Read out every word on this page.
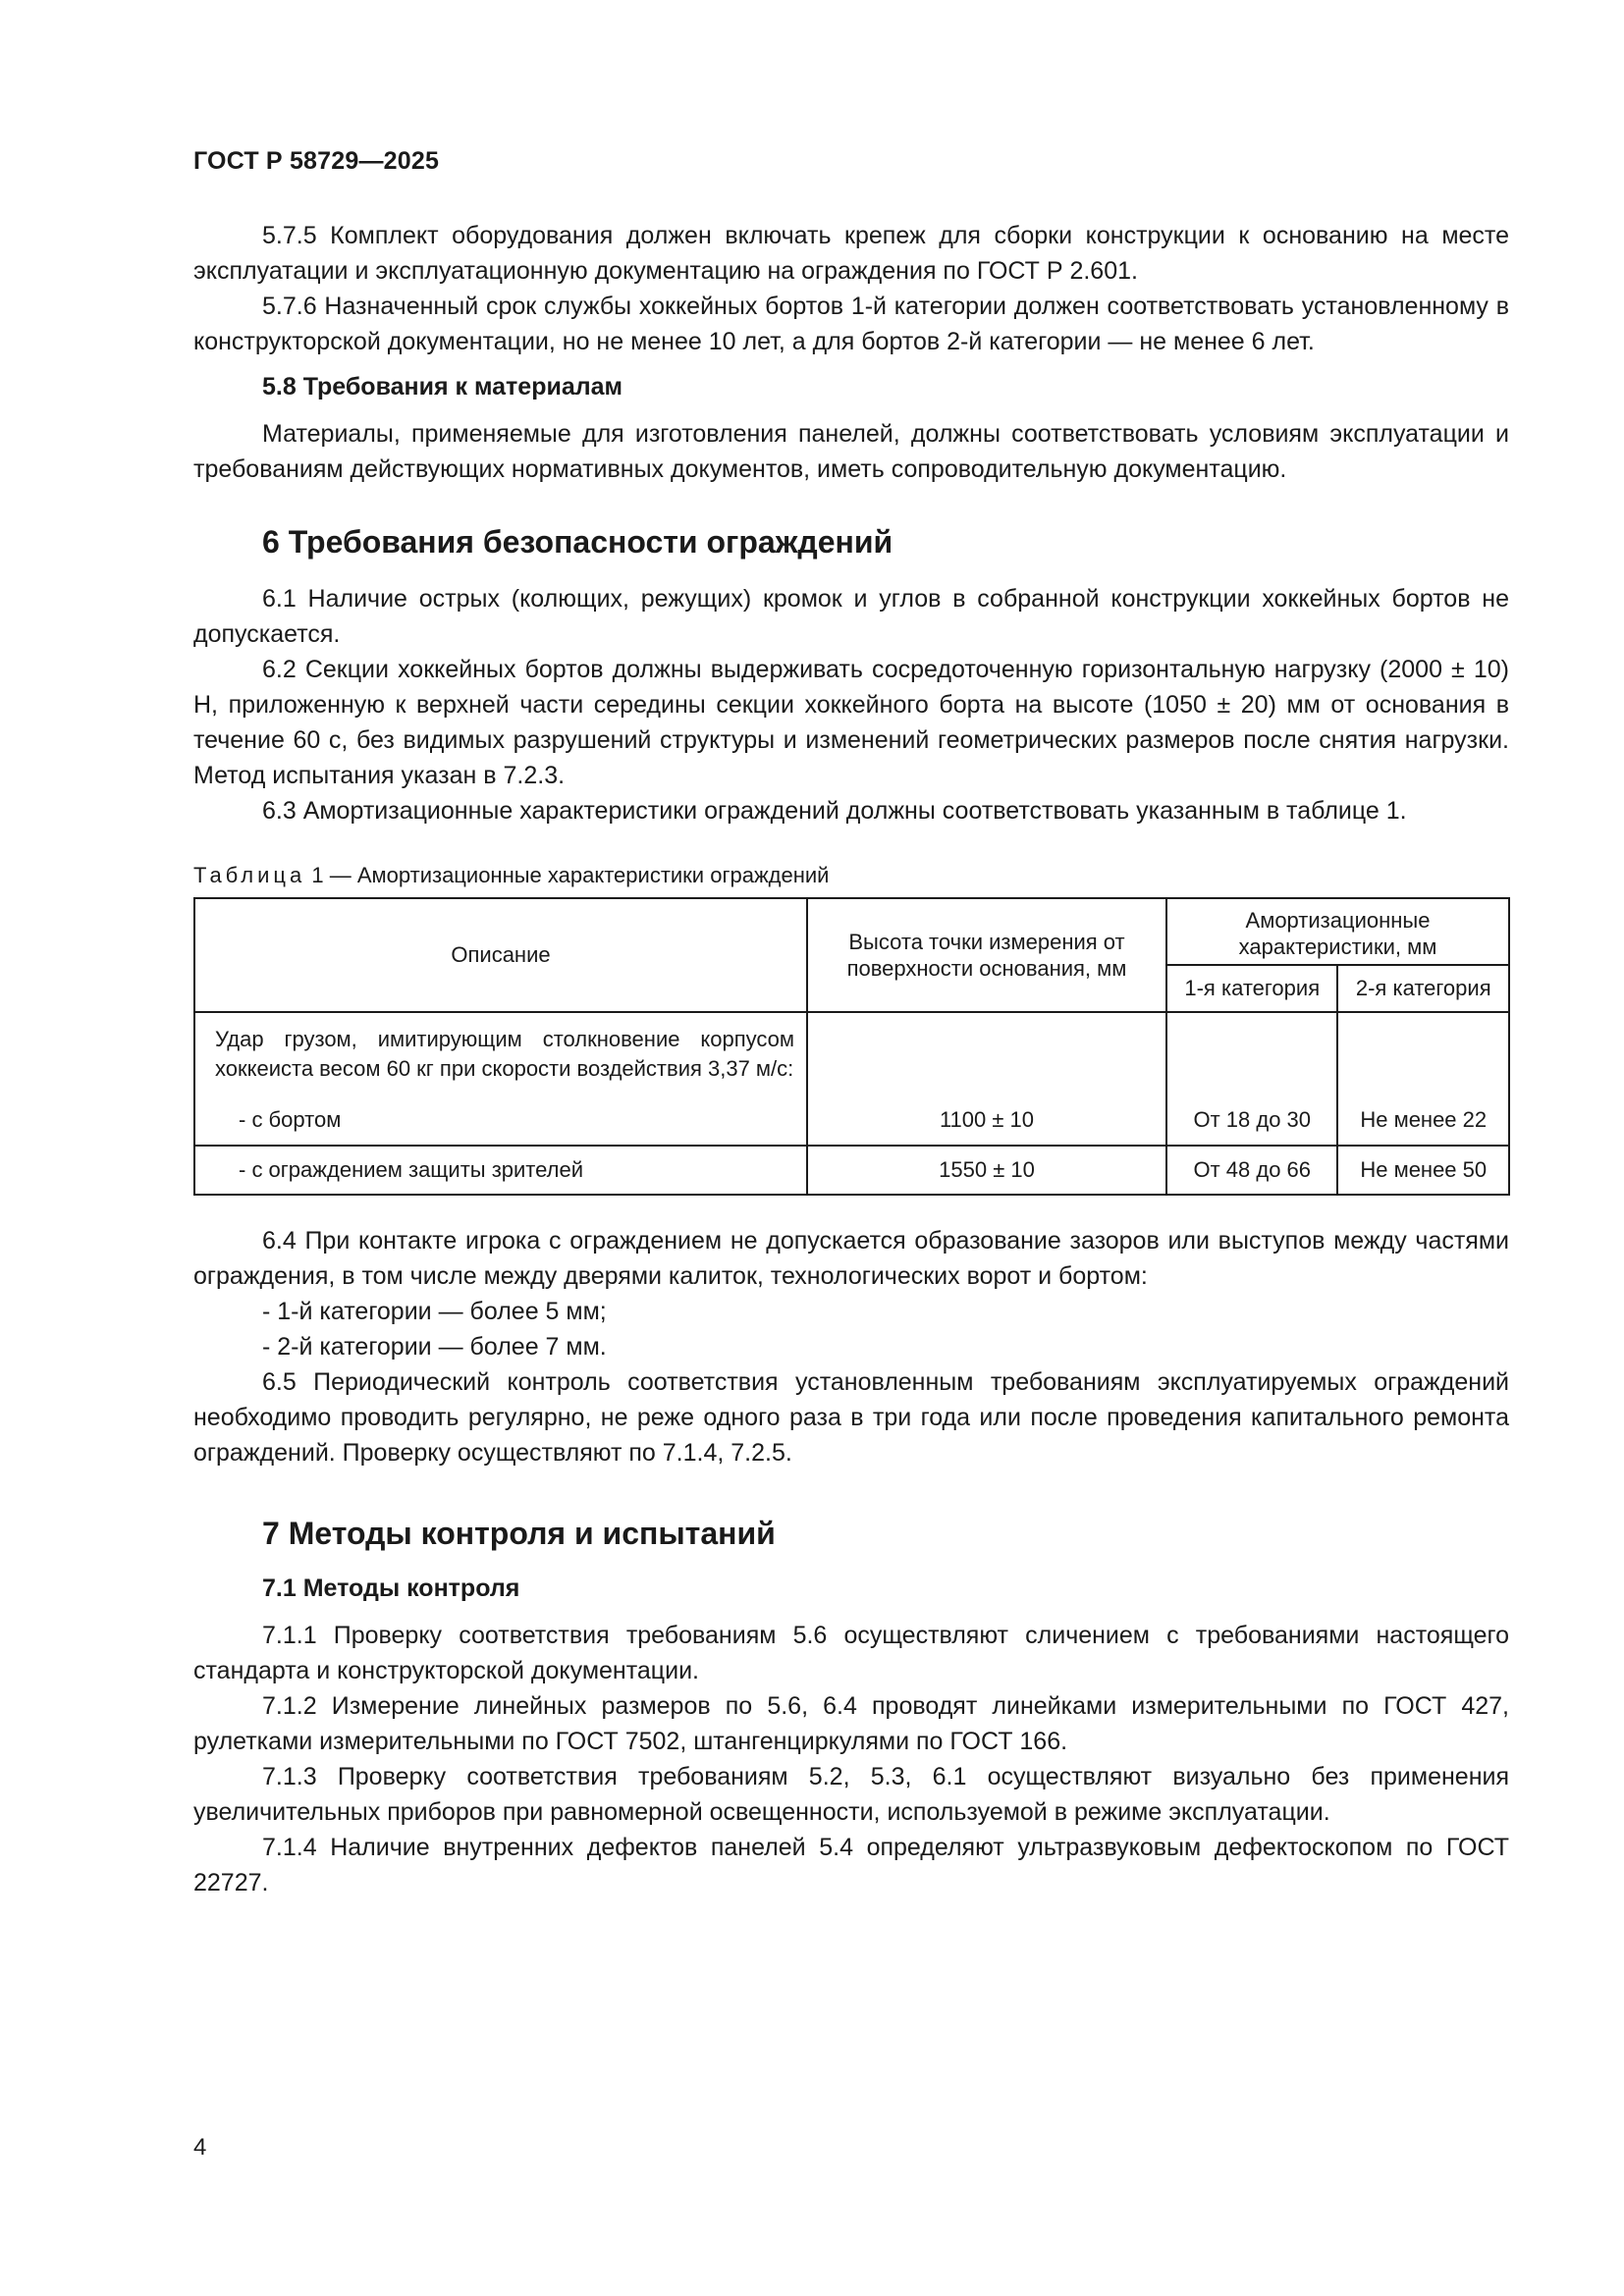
ГОСТ Р 58729—2025

5.7.5 Комплект оборудования должен включать крепеж для сборки конструкции к основанию на месте эксплуатации и эксплуатационную документацию на ограждения по ГОСТ Р 2.601.

5.7.6 Назначенный срок службы хоккейных бортов 1-й категории должен соответствовать установленному в конструкторской документации, но не менее 10 лет, а для бортов 2-й категории — не менее 6 лет.

5.8 Требования к материалам

Материалы, применяемые для изготовления панелей, должны соответствовать условиям эксплуатации и требованиям действующих нормативных документов, иметь сопроводительную документацию.

6 Требования безопасности ограждений

6.1 Наличие острых (колющих, режущих) кромок и углов в собранной конструкции хоккейных бортов не допускается.

6.2 Секции хоккейных бортов должны выдерживать сосредоточенную горизонтальную нагрузку (2000 ± 10) Н, приложенную к верхней части середины секции хоккейного борта на высоте (1050 ± 20) мм от основания в течение 60 с, без видимых разрушений структуры и изменений геометрических размеров после снятия нагрузки. Метод испытания указан в 7.2.3.

6.3 Амортизационные характеристики ограждений должны соответствовать указанным в таблице 1.

Таблица 1 — Амортизационные характеристики ограждений
Описание	Высота точки измерения от поверхности основания, мм	Амортизационные характеристики, мм	
		1-я категория	2-я категория
Удар грузом, имитирующим столкновение корпусом хоккеиста весом 60 кг при скорости воздействия 3,37 м/с:			
- с бортом	1100 ± 10	От 18 до 30	Не менее 22
- с ограждением защиты зрителей	1550 ± 10	От 48 до 66	Не менее 50

6.4 При контакте игрока с ограждением не допускается образование зазоров или выступов между частями ограждения, в том числе между дверями калиток, технологических ворот и бортом:

- 1-й категории — более 5 мм;
- 2-й категории — более 7 мм.

6.5 Периодический контроль соответствия установленным требованиям эксплуатируемых ограждений необходимо проводить регулярно, не реже одного раза в три года или после проведения капитального ремонта ограждений. Проверку осуществляют по 7.1.4, 7.2.5.

7 Методы контроля и испытаний
7.1 Методы контроля

7.1.1 Проверку соответствия требованиям 5.6 осуществляют сличением с требованиями настоящего стандарта и конструкторской документации.

7.1.2 Измерение линейных размеров по 5.6, 6.4 проводят линейками измерительными по ГОСТ 427, рулетками измерительными по ГОСТ 7502, штангенциркулями по ГОСТ 166.

7.1.3 Проверку соответствия требованиям 5.2, 5.3, 6.1 осуществляют визуально без применения увеличительных приборов при равномерной освещенности, используемой в режиме эксплуатации.

7.1.4 Наличие внутренних дефектов панелей 5.4 определяют ультразвуковым дефектоскопом по ГОСТ 22727.

4
